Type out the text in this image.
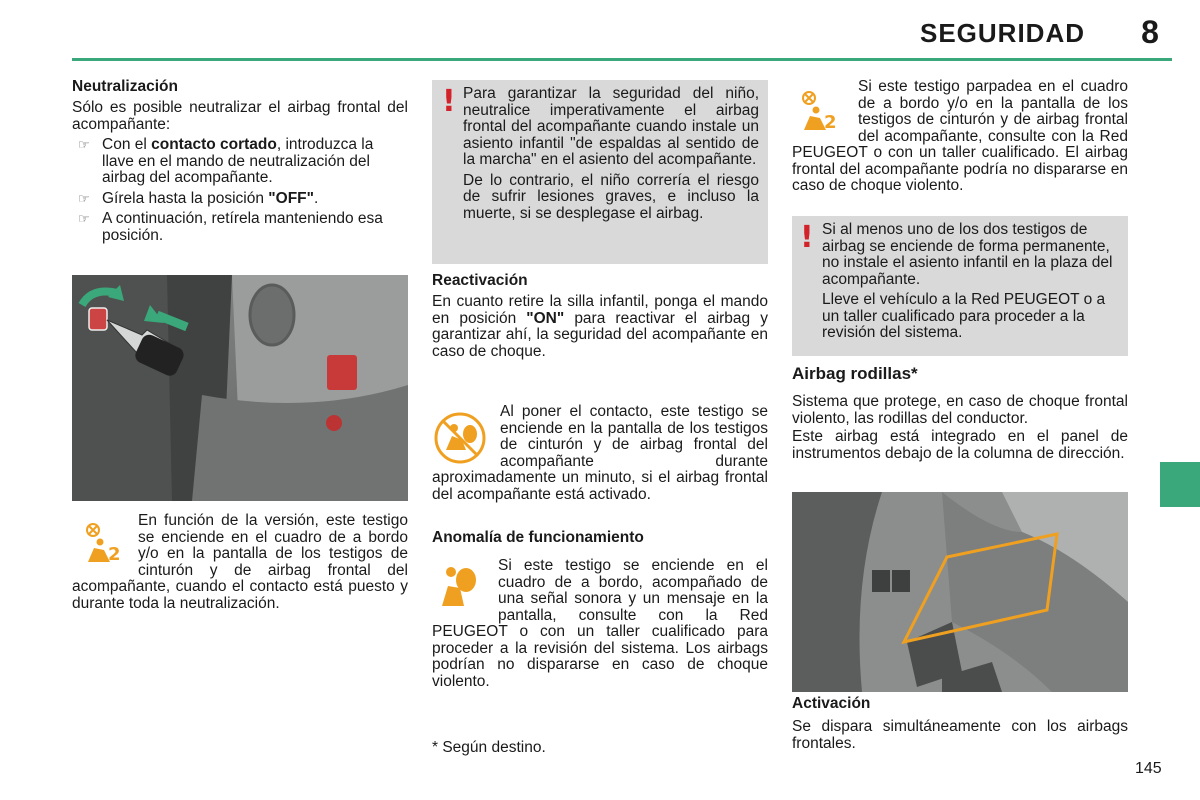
SEGURIDAD	8

Neutralización

Sólo es posible neutralizar el airbag frontal del acompañante:

☞ Con el contacto cortado, introduzca la llave en el mando de neutralización del airbag del acompañante.
☞ Gírela hasta la posición "OFF".
☞ A continuación, retírela manteniendo esa posición.
2

En función de la versión, este testigo se enciende en el cuadro de a bordo y/o en la pantalla de los testigos de cinturón y de airbag frontal del acompañante, cuando el contacto está puesto y durante toda la neutralización.

! Para garantizar la seguridad del niño, neutralice imperativamente el airbag frontal del acompañante cuando instale un asiento infantil "de espaldas al sentido de la marcha" en el asiento del acompañante.

De lo contrario, el niño correría el riesgo de sufrir lesiones graves, e incluso la muerte, si se desplegase el airbag.

Reactivación

En cuanto retire la silla infantil, ponga el mando en posición "ON" para reactivar el airbag y garantizar ahí, la seguridad del acompañante en caso de choque.

Al poner el contacto, este testigo se enciende en la pantalla de los testigos de cinturón y de airbag frontal del acompañante durante aproximadamente un minuto, si el airbag frontal del acompañante está activado.

Anomalía de funcionamiento

Si este testigo se enciende en el cuadro de a bordo, acompañado de una señal sonora y un mensaje en la pantalla, consulte con la Red PEUGEOT o con un taller cualificado para proceder a la revisión del sistema. Los airbags podrían no dispararse en caso de choque violento.

* Según destino.
2

Si este testigo parpadea en el cuadro de a bordo y/o en la pantalla de los testigos de cinturón y de airbag frontal del acompañante, consulte con la Red PEUGEOT o con un taller cualificado. El airbag frontal del acompañante podría no dispararse en caso de choque violento.

! Si al menos uno de los dos testigos de airbag se enciende de forma permanente, no instale el asiento infantil en la plaza del acompañante.

Lleve el vehículo a la Red PEUGEOT o a un taller cualificado para proceder a la revisión del sistema.

Airbag rodillas*

Sistema que protege, en caso de choque frontal violento, las rodillas del conductor.

Este airbag está integrado en el panel de instrumentos debajo de la columna de dirección.

Activación

Se dispara simultáneamente con los airbags frontales.

145
